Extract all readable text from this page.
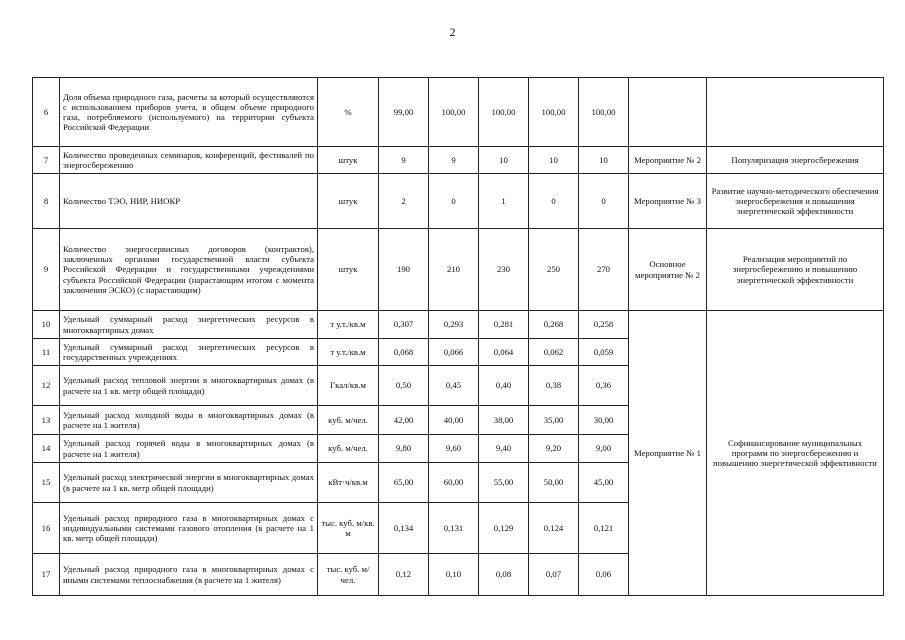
2
6	Доля объема природного газа, расчеты за который осуществляются с использованием приборов учета, в общем объеме природного газа, потребляемого (используемого) на территории субъекта Российской Федерации	%	99,00	100,00	100,00	100,00	100,00		
7	Количество проведенных семинаров, конференций, фестивалей по энергосбережению	штук	9	9	10	10	10	Мероприятие № 2	Популяризация энергосбережения
8	Количество ТЭО, НИР, НИОКР	штук	2	0	1	0	0	Мероприятие № 3	Развитие научно-методического обеспечения энергосбережения и повышения энергетической эффективности
9	Количество энергосервисных договоров (контрактов), заключенных органами государственной власти субъекта Российской Федерации и государственными учреждениями субъекта Российской Федерации (нарастающим итогом с момента заключения ЭСКО) (с нарастающим)	штук	190	210	230	250	270	Основное мероприятие № 2	Реализация мероприятий по энергосбережению и повышению энергетической эффективности
10	Удельный суммарный расход энергетических ресурсов в многоквартирных домах	т у.т./кв.м	0,307	0,293	0,281	0,268	0,258	Мероприятие № 1	Софинансирование муниципальных программ по энергосбережению и повышению энергетической эффективности
11	Удельный суммарный расход энергетических ресурсов в государственных учреждениях	т у.т./кв.м	0,068	0,066	0,064	0,062	0,059		
12	Удельный расход тепловой энергии в многоквартирных домах (в расчете на 1 кв. метр общей площади)	Гкал/кв.м	0,50	0,45	0,40	0,38	0,36		
13	Удельный расход холодной воды в многоквартирных домах (в расчете на 1 жителя)	куб. м/чел.	42,00	40,00	38,00	35,00	30,00		
14	Удельный расход горячей воды в многоквартирных домах (в расчете на 1 жителя)	куб. м/чел.	9,80	9,60	9,40	9,20	9,00		
15	Удельный расход электрической энергии в многоквартирных домах (в расчете на 1 кв. метр общей площади)	кВт·ч/кв.м	65,00	60,00	55,00	50,00	45,00		
16	Удельный расход природного газа в многоквартирных домах с индивидуальными системами газового отопления (в расчете на 1 кв. метр общей площади)	тыс. куб. м/кв. м	0,134	0,131	0,129	0,124	0,121		
17	Удельный расход природного газа в многоквартирных домах с иными системами теплоснабжения (в расчете на 1 жителя)	тыс. куб. м/чел.	0,12	0,10	0,08	0,07	0,06		
